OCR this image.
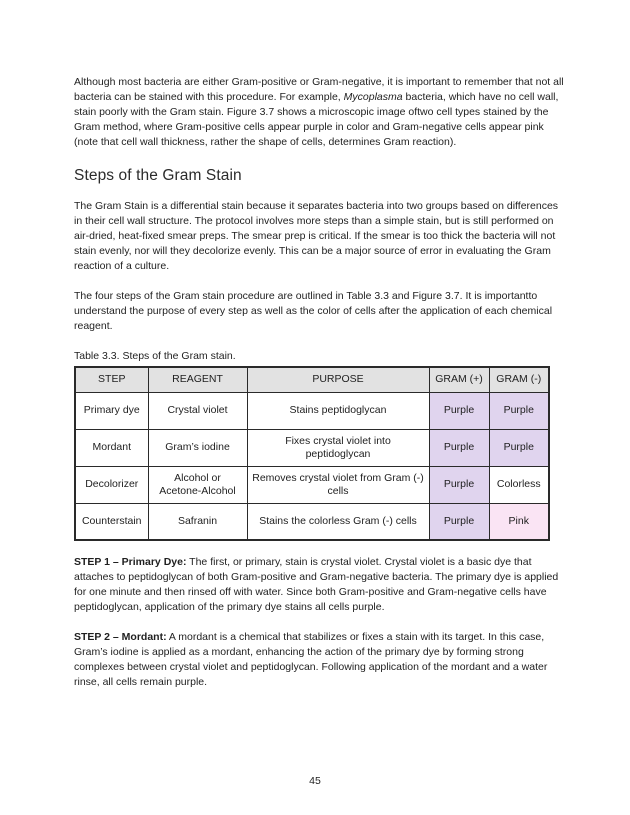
Although most bacteria are either Gram-positive or Gram-negative, it is important to remember that not all bacteria can be stained with this procedure. For example, Mycoplasma bacteria, which have no cell wall, stain poorly with the Gram stain. Figure 3.7 shows a microscopic image oftwo cell types stained by the Gram method, where Gram-positive cells appear purple in color and Gram-negative cells appear pink (note that cell wall thickness, rather the shape of cells, determines Gram reaction).

Steps of the Gram Stain

The Gram Stain is a differential stain because it separates bacteria into two groups based on differences in their cell wall structure. The protocol involves more steps than a simple stain, but is still performed on air-dried, heat-fixed smear preps. The smear prep is critical. If the smear is too thick the bacteria will not stain evenly, nor will they decolorize evenly. This can be a major source of error in evaluating the Gram reaction of a culture.

The four steps of the Gram stain procedure are outlined in Table 3.3 and Figure 3.7. It is importantto understand the purpose of every step as well as the color of cells after the application of each chemical reagent.

Table 3.3. Steps of the Gram stain.

STEP	REAGENT	PURPOSE	GRAM (+)	GRAM (-)
Primary dye	Crystal violet	Stains peptidoglycan	Purple	Purple
Mordant	Gram’s iodine	Fixes crystal violet into peptidoglycan	Purple	Purple
Decolorizer	Alcohol or Acetone-Alcohol	Removes crystal violet from Gram (-) cells	Purple	Colorless
Counterstain	Safranin	Stains the colorless Gram (-) cells	Purple	Pink

STEP 1 – Primary Dye: The first, or primary, stain is crystal violet. Crystal violet is a basic dye that attaches to peptidoglycan of both Gram-positive and Gram-negative bacteria. The primary dye is applied for one minute and then rinsed off with water. Since both Gram-positive and Gram-negative cells have peptidoglycan, application of the primary dye stains all cells purple.

STEP 2 – Mordant: A mordant is a chemical that stabilizes or fixes a stain with its target. In this case, Gram’s iodine is applied as a mordant, enhancing the action of the primary dye by forming strong complexes between crystal violet and peptidoglycan. Following application of the mordant and a water rinse, all cells remain purple.

45
